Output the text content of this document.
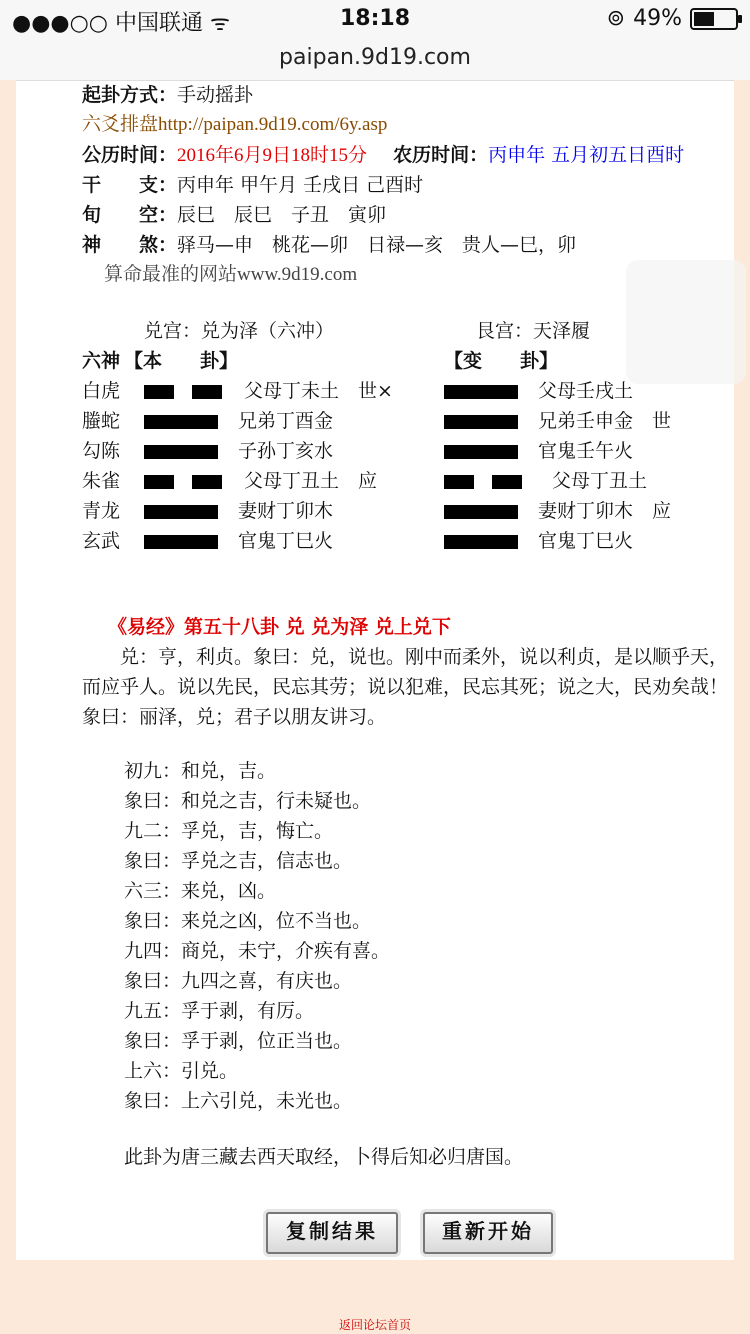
●●●○○ 中国联通 ᯤ	18:18	⊚ 49%
paipan.9d19.com
起卦方式：手动摇卦
六爻排盘http://paipan.9d19.com/6y.asp
公历时间：2016年6月9日18时15分 农历时间：丙申年 五月初五日酉时
干　　支：丙申年 甲午月 壬戌日 己酉时
旬　　空：辰巳　辰巳　子丑　寅卯
神　　煞：驿马—申　桃花—卯　日禄—亥　贵人—巳，卯
算命最准的网站www.9d19.com
兑宫：兑为泽（六冲）	艮宫：天泽履
六神 【本　　卦】	【变　　卦】
白虎	父母丁未土　世×	父母壬戌土
螣蛇	兄弟丁酉金	兄弟壬申金　世
勾陈	子孙丁亥水	官鬼壬午火
朱雀	父母丁丑土　应	父母丁丑土
青龙	妻财丁卯木	妻财丁卯木　应
玄武	官鬼丁巳火	官鬼丁巳火
《易经》第五十八卦 兑 兑为泽 兑上兑下
兑：亨，利贞。象曰：兑，说也。刚中而柔外，说以利贞，是以顺乎天，而应乎人。说以先民，民忘其劳；说以犯难，民忘其死；说之大，民劝矣哉！象曰：丽泽，兑；君子以朋友讲习。
初九：和兑，吉。
象曰：和兑之吉，行未疑也。
九二：孚兑，吉，悔亡。
象曰：孚兑之吉，信志也。
六三：来兑，凶。
象曰：来兑之凶，位不当也。
九四：商兑，未宁，介疾有喜。
象曰：九四之喜，有庆也。
九五：孚于剥，有厉。
象曰：孚于剥，位正当也。
上六：引兑。
象曰：上六引兑，未光也。
此卦为唐三藏去西天取经，卜得后知必归唐国。
复制结果	重新开始
返回论坛首页
